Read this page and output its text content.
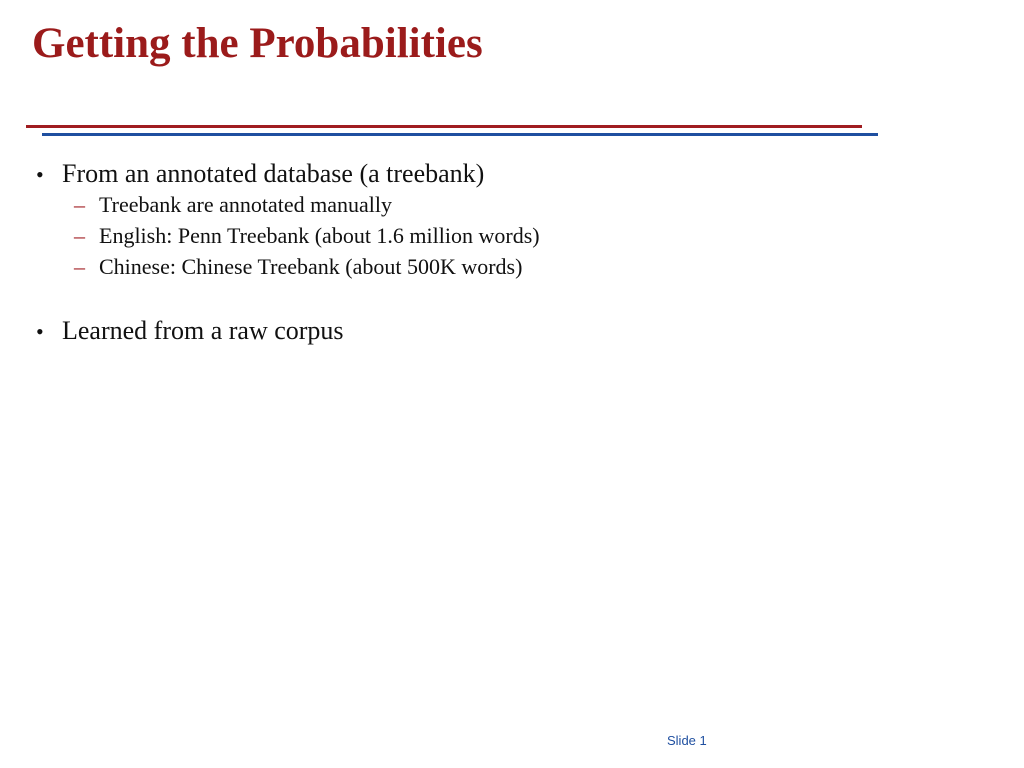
Getting the Probabilities
• From an annotated database (a treebank)
– Treebank are annotated manually
– English: Penn Treebank (about 1.6 million words)
– Chinese: Chinese Treebank (about 500K words)
• Learned from a raw corpus
Slide 1
